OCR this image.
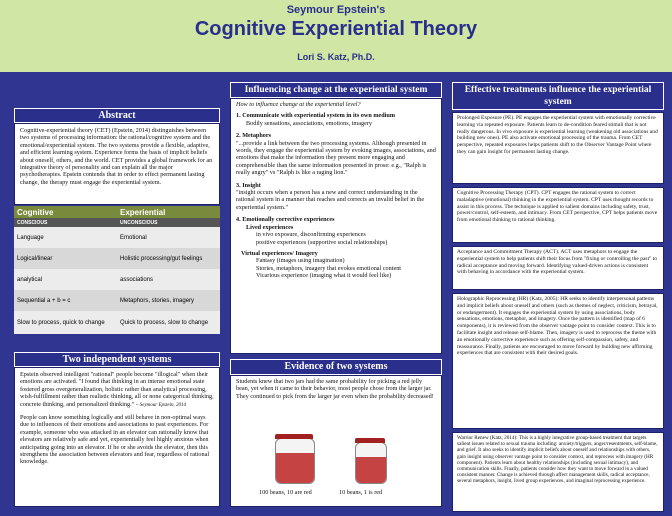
Seymour Epstein's
Cognitive Experiential Theory
Lori S. Katz, Ph.D.
Abstract
Cognitive-experiential theory (CET) (Epstein, 2014) distinguishes between two systems of processing information: the rational/cognitive system and the emotional/experiential system. The two systems provide a flexible, adaptive, and efficient learning system. Experience forms the basis of implicit beliefs about oneself, others, and the world. CET provides a global framework for an integrative theory of personality and can explain all the major psychotherapies. Epstein contends that in order to effect permanent lasting change, the therapy must engage the experiential system.
Cognitive	Experiential
CONSCIOUS	UNCONSCIOUS
Language	Emotional
Logical/linear	Holistic processing/gut feelings
analytical	associations
Sequential a + b = c	Metaphors, stories, imagery
Slow to process, quick to change	Quick to process, slow to change
Two independent systems
Epstein observed intelligent "rational" people become "illogical" when their emotions are activated. "I found that thinking in an intense emotional state fostered gross overgeneralization, holistic rather than analytical processing, wish-fulfillment rather than realistic thinking, all or none categorical thinking, concrete thinking, and personalized thinking." ~ Seymour Epstein, 2014
People can know something logically and still behave in non-optimal ways due to influences of their emotions and associations to past experiences. For example, someone who was attacked in an elevator can rationally know that elevators are relatively safe and yet, experientially feel highly anxious when anticipating going into an elevator. If he or she avoids the elevator, then this strengthens the association between elevators and fear, regardless of rational knowledge.
Influencing change at the experiential system
How to influence change at the experiential level?
1. Communicate with experiential system in its own medium
Bodily sensations, associations, emotions, imagery
2. Metaphors
"...provide a link between the two processing systems. Although presented in words, they engage the experiential system by evoking images, associations, and emotions that make the information they present more engaging and comprehensible than the same information presented in prose: e.g., "Ralph is really angry" vs "Ralph is like a raging lion."
3. Insight
"insight occurs when a person has a new and correct understanding in the rational system in a manner that reaches and corrects an invalid belief in the experiential system."
4. Emotionally corrective experiences
Lived experiences
in vivo exposure, disconfirming experiences
positive experiences (supportive social relationships)
Virtual experiences/ Imagery
Fantasy (images using imagination)
Stories, metaphors, imagery that evokes emotional content
Vicarious experience (imaging what it would feel like)
Evidence of two systems
Students knew that two jars had the same probability for picking a red jelly bean, yet when it came to their behavior, most people chose from the larger jar. They continued to pick from the larger jar even when the probability decreased!
100 beans, 10 are red	10 beans, 1 is red
Effective treatments influence the experiential system
Prolonged Exposure (PE). PE engages the experiential system with emotionally corrective learning via repeated exposure. Patients learn to de-condition feared stimuli that is not really dangerous. In vivo exposure is experiential learning (weakening old associations and building new ones). PE also activate emotional processing of the trauma. From CET perspective, repeated exposures helps patients shift to the Observer Vantage Point where they can gain insight for permanent lasting change.
Cognitive Processing Therapy (CPT). CPT engages the rational system to correct maladaptive (emotional) thinking in the experiential system. CPT uses thought records to assist in this process. The technique is applied to salient domains including safety, trust, power/control, self-esteem, and intimacy. From CET perspective, CPT helps patients move from emotional thinking to rational thinking.
Acceptance and Commitment Therapy (ACT). ACT uses metaphors to engage the experiential system to help patients shift their focus from "fixing or controlling the past" to radical acceptance and moving forward. Identifying valued-driven actions is consistent with behaving in accordance with the experiential system.
Holographic Reprocessing (HR) (Katz, 2005): HR seeks to identify interpersonal patterns and implicit beliefs about oneself and others (such as themes of neglect, criticism, betrayal, or endangerment). It engages the experiential system by using associations, body sensations, emotions, metaphor, and imagery. Once the pattern is identified (map of 6 components), it is reviewed from the observer vantage point to consider context. This is to facilitate insight and release self-blame. Then, imagery is used to reprocess the theme with an emotionally corrective experience such as offering self-compassion, safety, and reassurance. Finally, patients are encouraged to move forward by building new affirming experiences that are consistent with their desired goals.
Warrior Renew (Katz, 2014): This is a highly integrative group-based treatment that targets salient issues related to sexual trauma including: anxiety/triggers, anger/resentments, self-blame, and grief. It also seeks to identify implicit beliefs about oneself and relationships with others, gain insight using observer vantage point to consider context, and reprocess with imagery (HR component). Patients learn about healthy relationships (including sexual intimacy), and communication skills. Finally, patients consider how they want to move forward in a valued consistent manner. Change is achieved through affect management skills, radical acceptance, several metaphors, insight, lived group experiences, and imaginal reprocessing experience.
